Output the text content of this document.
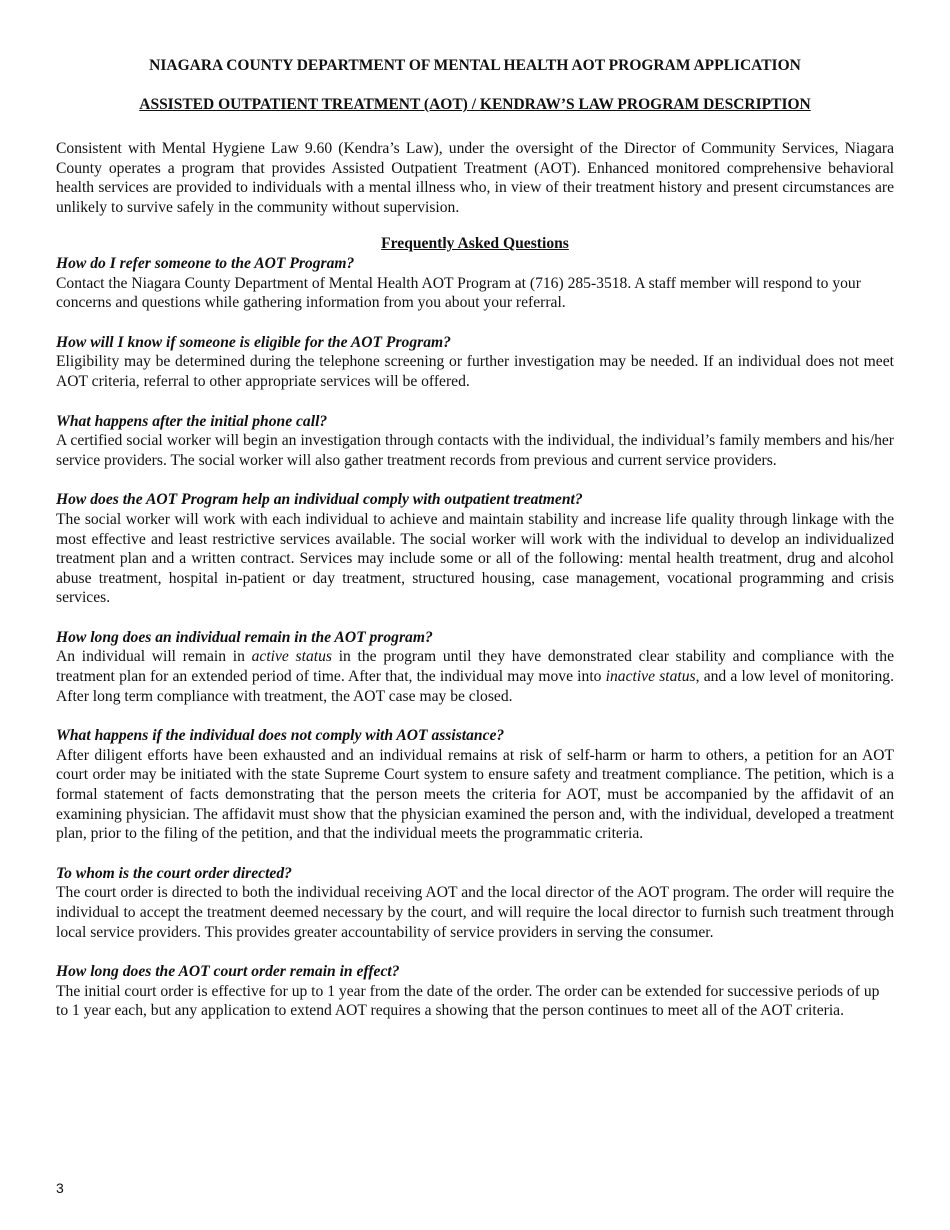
NIAGARA COUNTY DEPARTMENT OF MENTAL HEALTH AOT PROGRAM APPLICATION

ASSISTED OUTPATIENT TREATMENT (AOT) / KENDRAW’S LAW PROGRAM DESCRIPTION

Consistent with Mental Hygiene Law 9.60 (Kendra’s Law), under the oversight of the Director of Community Services, Niagara County operates a program that provides Assisted Outpatient Treatment (AOT). Enhanced monitored comprehensive behavioral health services are provided to individuals with a mental illness who, in view of their treatment history and present circumstances are unlikely to survive safely in the community without supervision.

Frequently Asked Questions

How do I refer someone to the AOT Program?

Contact the Niagara County Department of Mental Health AOT Program at (716) 285-3518. A staff member will respond to your concerns and questions while gathering information from you about your referral.

How will I know if someone is eligible for the AOT Program?

Eligibility may be determined during the telephone screening or further investigation may be needed. If an individual does not meet AOT criteria, referral to other appropriate services will be offered.

What happens after the initial phone call?

A certified social worker will begin an investigation through contacts with the individual, the individual’s family members and his/her service providers. The social worker will also gather treatment records from previous and current service providers.

How does the AOT Program help an individual comply with outpatient treatment?

The social worker will work with each individual to achieve and maintain stability and increase life quality through linkage with the most effective and least restrictive services available. The social worker will work with the individual to develop an individualized treatment plan and a written contract. Services may include some or all of the following: mental health treatment, drug and alcohol abuse treatment, hospital in-patient or day treatment, structured housing, case management, vocational programming and crisis services.

How long does an individual remain in the AOT program?

An individual will remain in active status in the program until they have demonstrated clear stability and compliance with the treatment plan for an extended period of time. After that, the individual may move into inactive status, and a low level of monitoring. After long term compliance with treatment, the AOT case may be closed.

What happens if the individual does not comply with AOT assistance?

After diligent efforts have been exhausted and an individual remains at risk of self-harm or harm to others, a petition for an AOT court order may be initiated with the state Supreme Court system to ensure safety and treatment compliance. The petition, which is a formal statement of facts demonstrating that the person meets the criteria for AOT, must be accompanied by the affidavit of an examining physician. The affidavit must show that the physician examined the person and, with the individual, developed a treatment plan, prior to the filing of the petition, and that the individual meets the programmatic criteria.

To whom is the court order directed?

The court order is directed to both the individual receiving AOT and the local director of the AOT program. The order will require the individual to accept the treatment deemed necessary by the court, and will require the local director to furnish such treatment through local service providers. This provides greater accountability of service providers in serving the consumer.

How long does the AOT court order remain in effect?

The initial court order is effective for up to 1 year from the date of the order. The order can be extended for successive periods of up to 1 year each, but any application to extend AOT requires a showing that the person continues to meet all of the AOT criteria.

3
